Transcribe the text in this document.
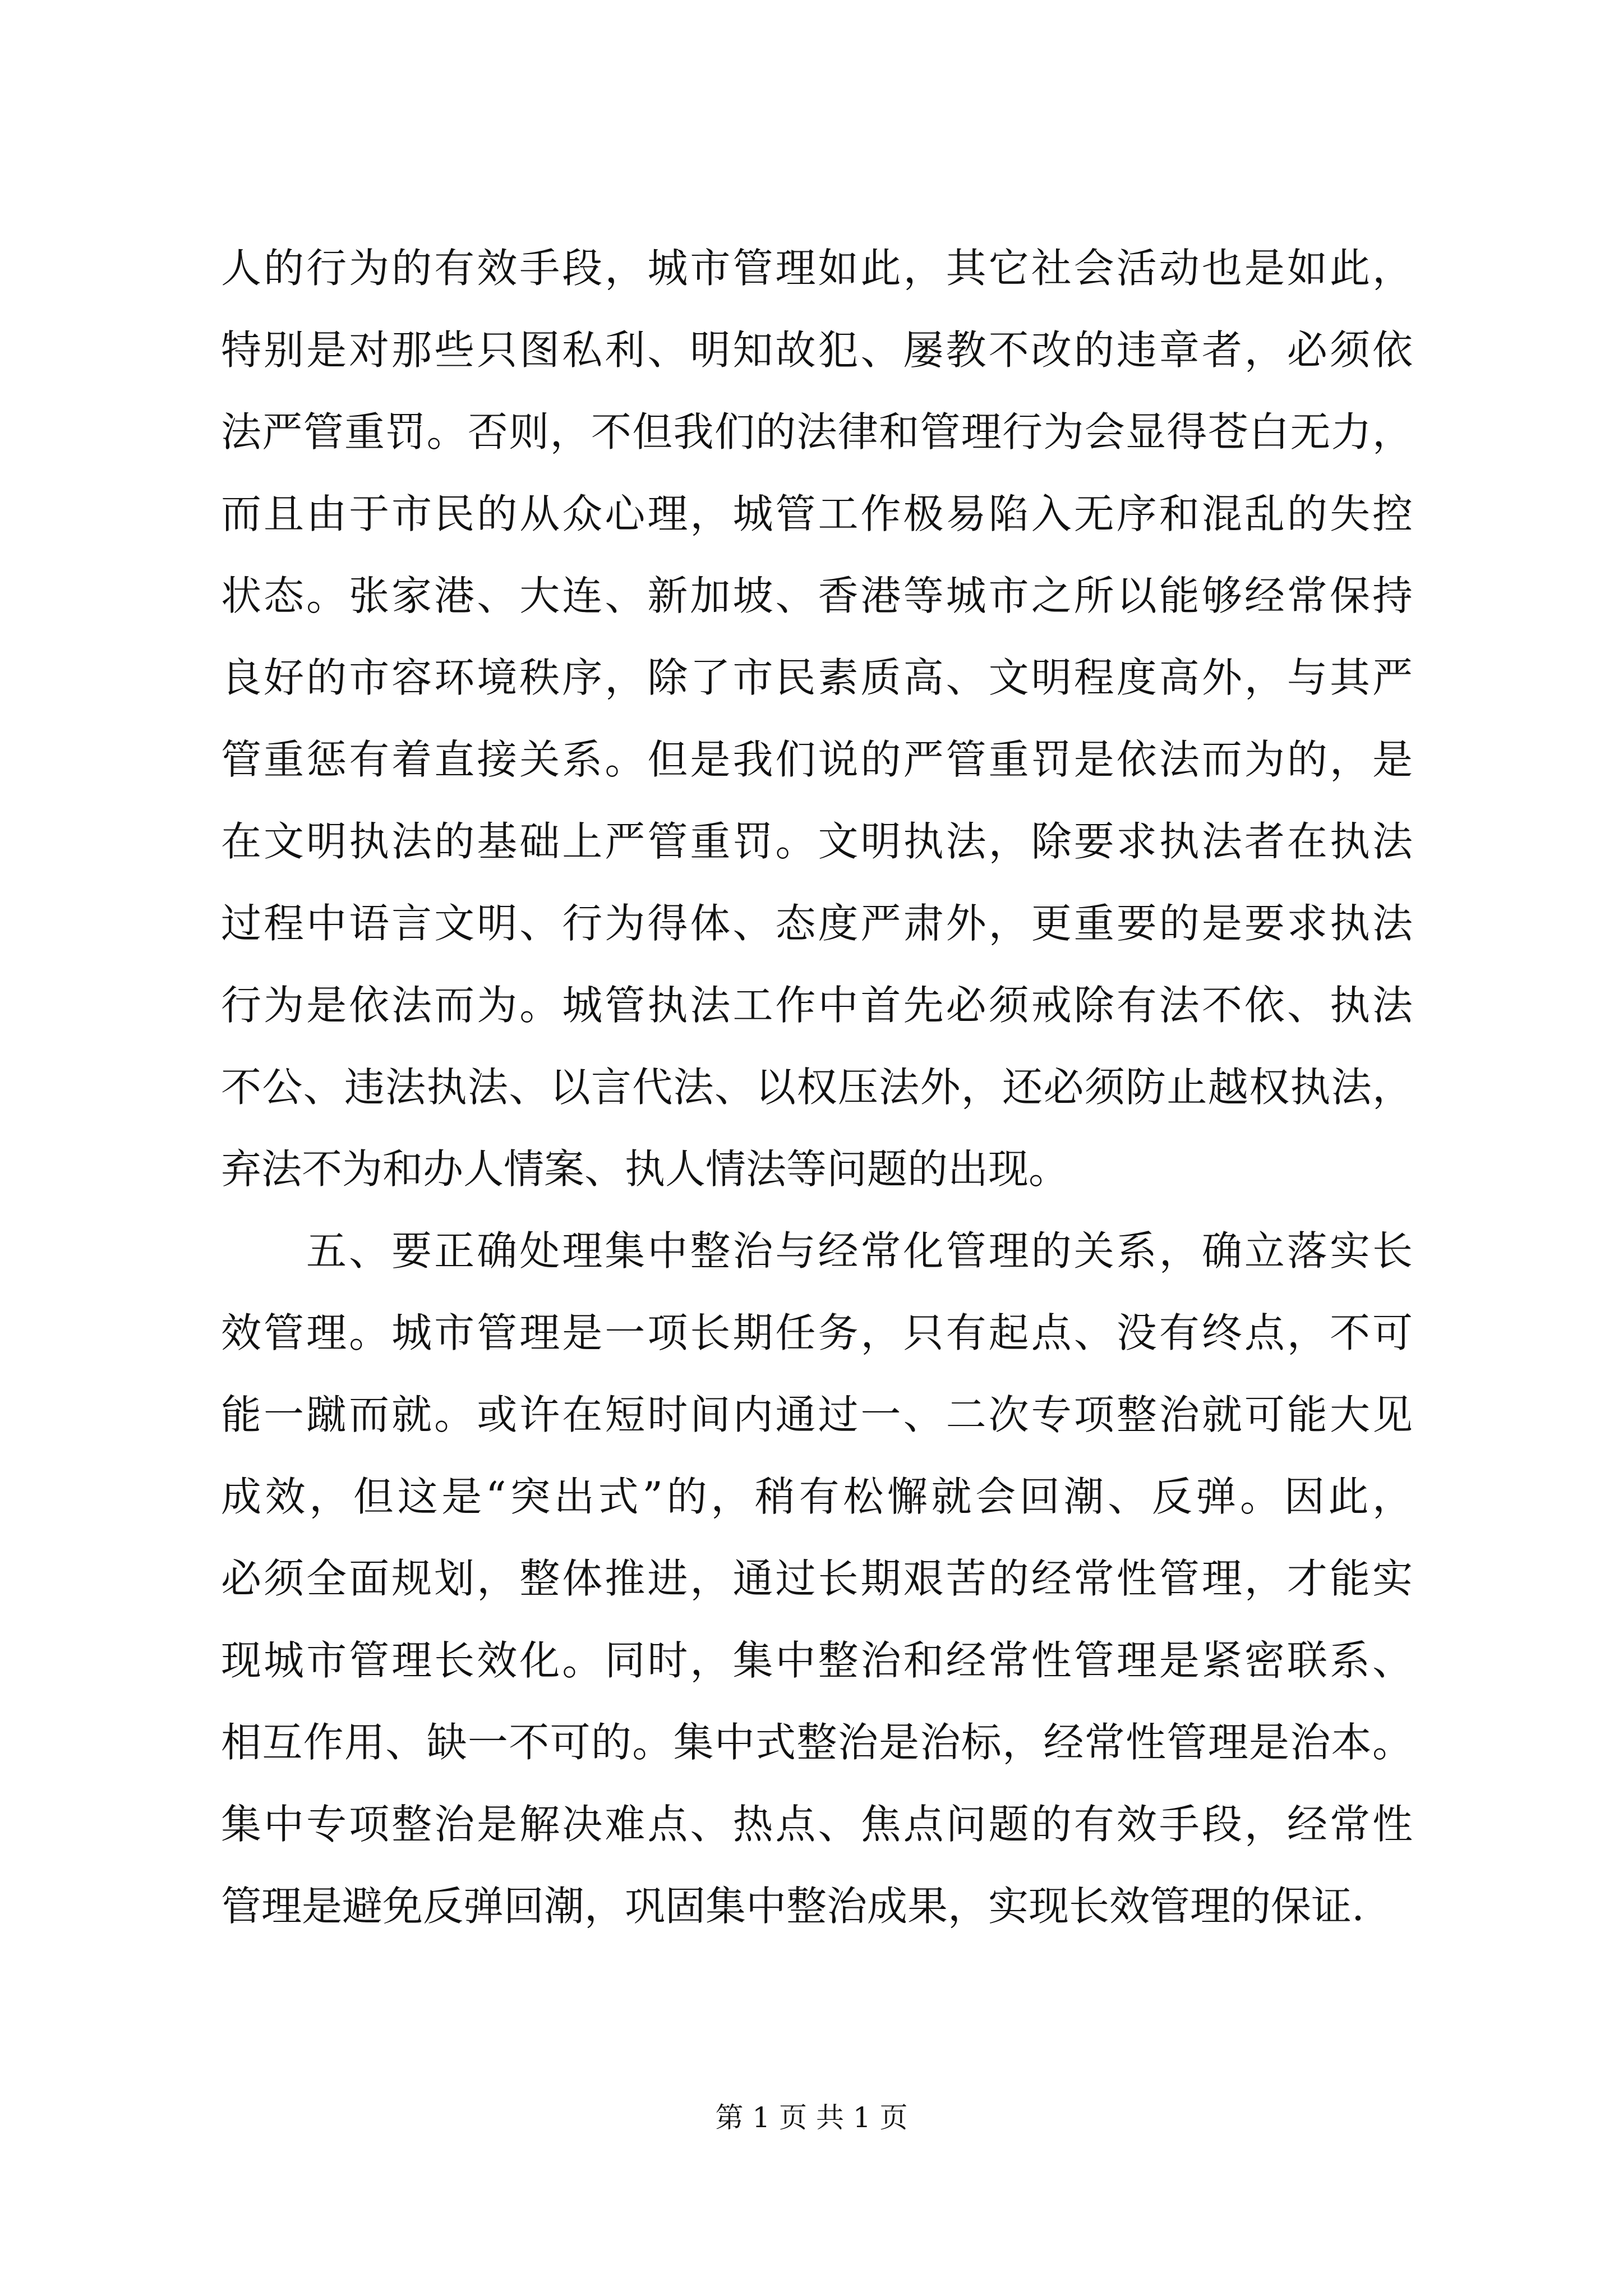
人的行为的有效手段，城市管理如此，其它社会活动也是如此，
特别是对那些只图私利、明知故犯、屡教不改的违章者，必须依
法严管重罚。否则，不但我们的法律和管理行为会显得苍白无力，
而且由于市民的从众心理，城管工作极易陷入无序和混乱的失控
状态。张家港、大连、新加坡、香港等城市之所以能够经常保持
良好的市容环境秩序，除了市民素质高、文明程度高外，与其严
管重惩有着直接关系。但是我们说的严管重罚是依法而为的，是
在文明执法的基础上严管重罚。文明执法，除要求执法者在执法
过程中语言文明、行为得体、态度严肃外，更重要的是要求执法
行为是依法而为。城管执法工作中首先必须戒除有法不依、执法
不公、违法执法、以言代法、以权压法外，还必须防止越权执法，
弃法不为和办人情案、执人情法等问题的出现。
五、要正确处理集中整治与经常化管理的关系，确立落实长
效管理。城市管理是一项长期任务，只有起点、没有终点，不可
能一蹴而就。或许在短时间内通过一、二次专项整治就可能大见
成效，但这是“突出式”的，稍有松懈就会回潮、反弹。因此，
必须全面规划，整体推进，通过长期艰苦的经常性管理，才能实
现城市管理长效化。同时，集中整治和经常性管理是紧密联系、
相互作用、缺一不可的。集中式整治是治标，经常性管理是治本。
集中专项整治是解决难点、热点、焦点问题的有效手段，经常性
管理是避免反弹回潮，巩固集中整治成果，实现长效管理的保证.
第 1 页 共 1 页
